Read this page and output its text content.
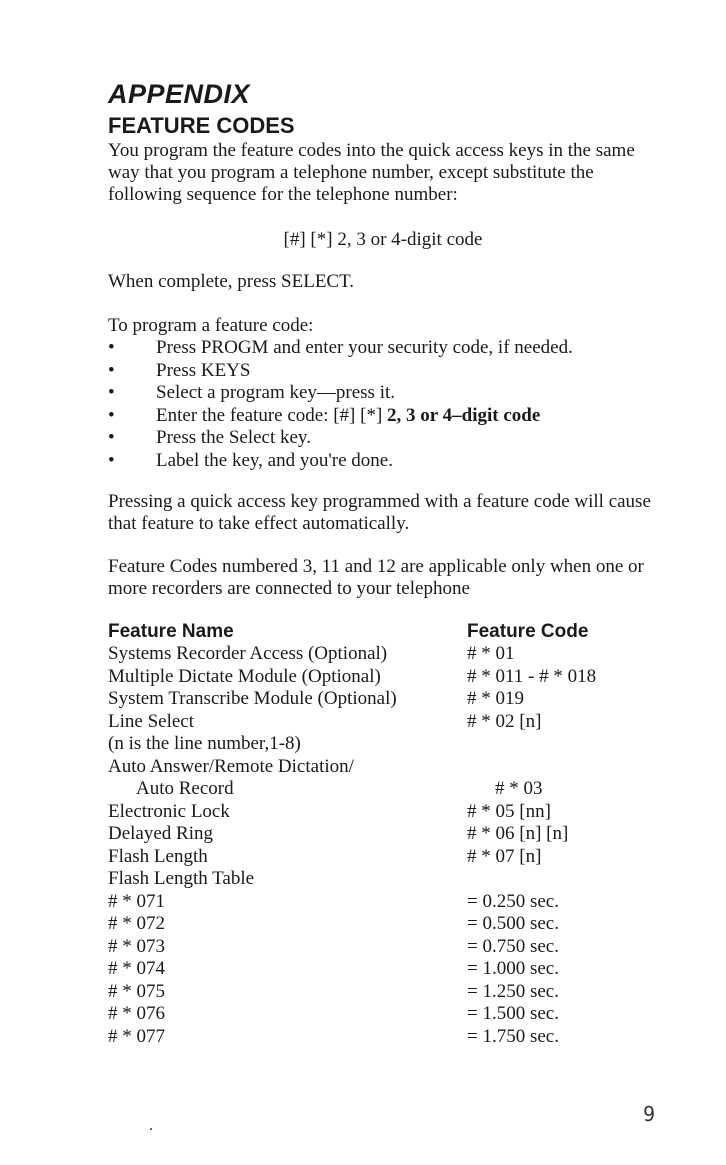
APPENDIX
FEATURE CODES

You program the feature codes into the quick access keys in the same way that you program a telephone number, except substitute the following sequence for the telephone number:

[#] [*] 2, 3 or 4-digit code

When complete, press SELECT.

To program a feature code:

• Press PROGM and enter your security code, if needed.
• Press KEYS
• Select a program key—press it.
• Enter the feature code: [#] [*] 2, 3 or 4–digit code
• Press the Select key.
• Label the key, and you're done.

Pressing a quick access key programmed with a feature code will cause that feature to take effect automatically.

Feature Codes numbered 3, 11 and 12 are applicable only when one or more recorders are connected to your telephone

Feature Name	Feature Code
Systems Recorder Access (Optional)	# * 01
Multiple Dictate Module (Optional)	# * 011 - # * 018
System Transcribe Module (Optional)	# * 019
Line Select	# * 02 [n]
(n is the line number,1-8)
Auto Answer/Remote Dictation/
Auto Record	# * 03
Electronic Lock	# * 05 [nn]
Delayed Ring	# * 06 [n] [n]
Flash Length	# * 07 [n]
Flash Length Table
# * 071	= 0.250 sec.
# * 072	= 0.500 sec.
# * 073	= 0.750 sec.
# * 074	= 1.000 sec.
# * 075	= 1.250 sec.
# * 076	= 1.500 sec.
# * 077	= 1.750 sec.
9
